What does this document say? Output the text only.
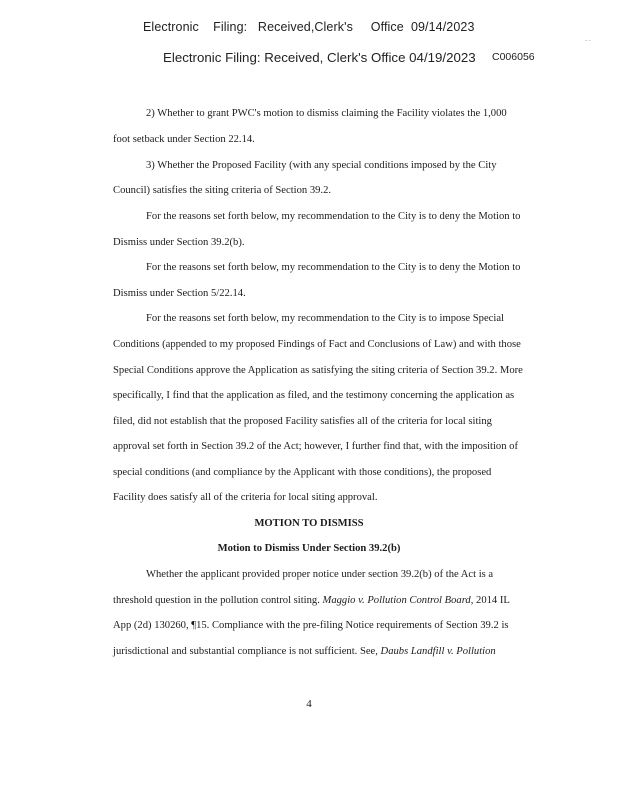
Electronic    Filing:   Received,Clerk's     Office  09/14/2023
- -
Electronic Filing: Received, Clerk's Office 04/19/2023 C006056
2) Whether to grant PWC's motion to dismiss claiming the Facility violates the 1,000
foot setback under Section 22.14.
3) Whether the Proposed Facility (with any special conditions imposed by the City
Council) satisfies the siting criteria of Section 39.2.
For the reasons set forth below, my recommendation to the City is to deny the Motion to
Dismiss under Section 39.2(b).
For the reasons set forth below, my recommendation to the City is to deny the Motion to
Dismiss under Section 5/22.14.
For the reasons set forth below, my recommendation to the City is to impose Special
Conditions (appended to my proposed Findings of Fact and Conclusions of Law) and with those
Special Conditions approve the Application as satisfying the siting criteria of Section 39.2. More
specifically, I find that the application as filed, and the testimony concerning the application as
filed, did not establish that the proposed Facility satisfies all of the criteria for local siting
approval set forth in Section 39.2 of the Act; however, I further find that, with the imposition of
special conditions (and compliance by the Applicant with those conditions), the proposed
Facility does satisfy all of the criteria for local siting approval.
MOTION TO DISMISS
Motion to Dismiss Under Section 39.2(b)
Whether the applicant provided proper notice under section 39.2(b) of the Act is a
threshold question in the pollution control siting. Maggio v. Pollution Control Board, 2014 IL
App (2d) 130260, ¶15. Compliance with the pre-filing Notice requirements of Section 39.2 is
jurisdictional and substantial compliance is not sufficient. See, Daubs Landfill v. Pollution
4
